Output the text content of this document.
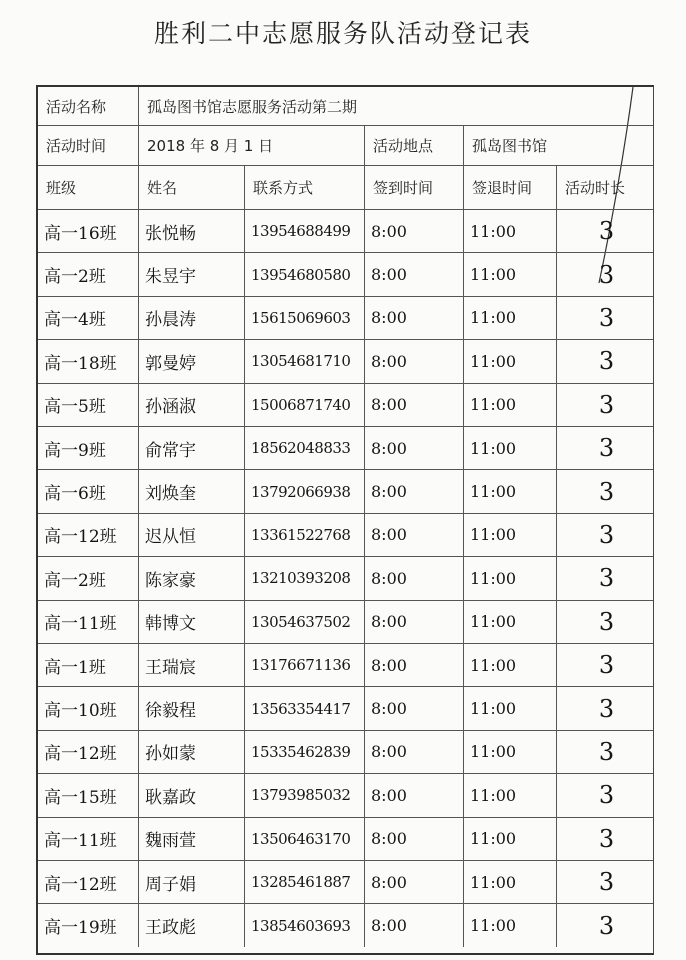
胜利二中志愿服务队活动登记表
活动名称	孤岛图书馆志愿服务活动第二期
活动时间	2018 年 8 月 1 日	活动地点	孤岛图书馆
班级	姓名	联系方式	签到时间	签退时间	活动时长
高一16班	张悦畅	13954688499	8:00	11:00	3
高一2班	朱昱宇	13954680580	8:00	11:00	3
高一4班	孙晨涛	15615069603	8:00	11:00	3
高一18班	郭曼婷	13054681710	8:00	11:00	3
高一5班	孙涵淑	15006871740	8:00	11:00	3
高一9班	俞常宇	18562048833	8:00	11:00	3
高一6班	刘焕奎	13792066938	8:00	11:00	3
高一12班	迟从恒	13361522768	8:00	11:00	3
高一2班	陈家豪	13210393208	8:00	11:00	3
高一11班	韩博文	13054637502	8:00	11:00	3
高一1班	王瑞宸	13176671136	8:00	11:00	3
高一10班	徐毅程	13563354417	8:00	11:00	3
高一12班	孙如蒙	15335462839	8:00	11:00	3
高一15班	耿嘉政	13793985032	8:00	11:00	3
高一11班	魏雨萱	13506463170	8:00	11:00	3
高一12班	周子娟	13285461887	8:00	11:00	3
高一19班	王政彪	13854603693	8:00	11:00	3
